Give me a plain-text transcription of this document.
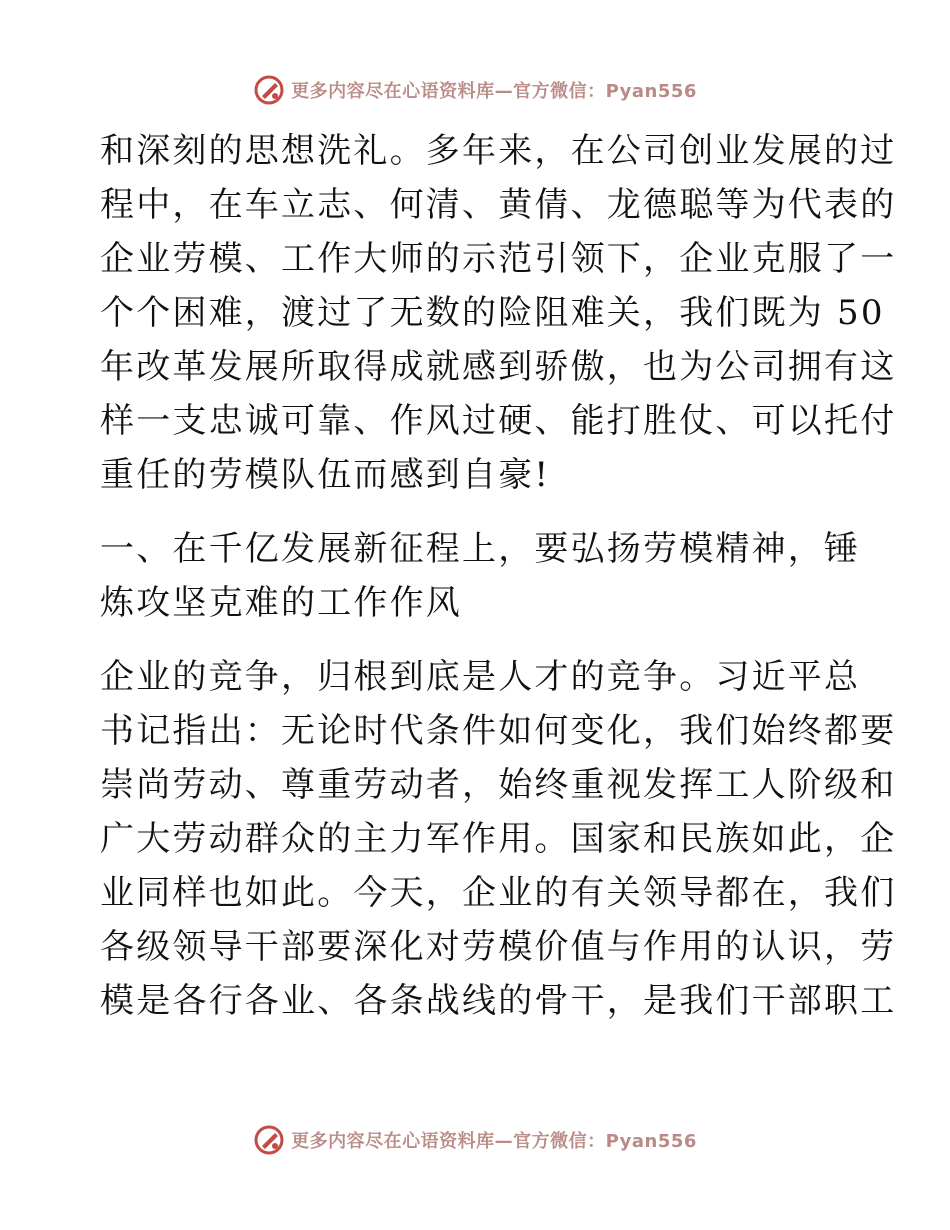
更多内容尽在心语资料库—官方微信：Pyan556
和深刻的思想洗礼。多年来，在公司创业发展的过
程中，在车立志、何清、黄倩、龙德聪等为代表的
企业劳模、工作大师的示范引领下，企业克服了一
个个困难，渡过了无数的险阻难关，我们既为 50
年改革发展所取得成就感到骄傲，也为公司拥有这
样一支忠诚可靠、作风过硬、能打胜仗、可以托付
重任的劳模队伍而感到自豪!
一、在千亿发展新征程上，要弘扬劳模精神，锤
炼攻坚克难的工作作风
企业的竞争，归根到底是人才的竞争。习近平总
书记指出：无论时代条件如何变化，我们始终都要
崇尚劳动、尊重劳动者，始终重视发挥工人阶级和
广大劳动群众的主力军作用。国家和民族如此，企
业同样也如此。今天，企业的有关领导都在，我们
各级领导干部要深化对劳模价值与作用的认识，劳
模是各行各业、各条战线的骨干，是我们干部职工
更多内容尽在心语资料库—官方微信：Pyan556
